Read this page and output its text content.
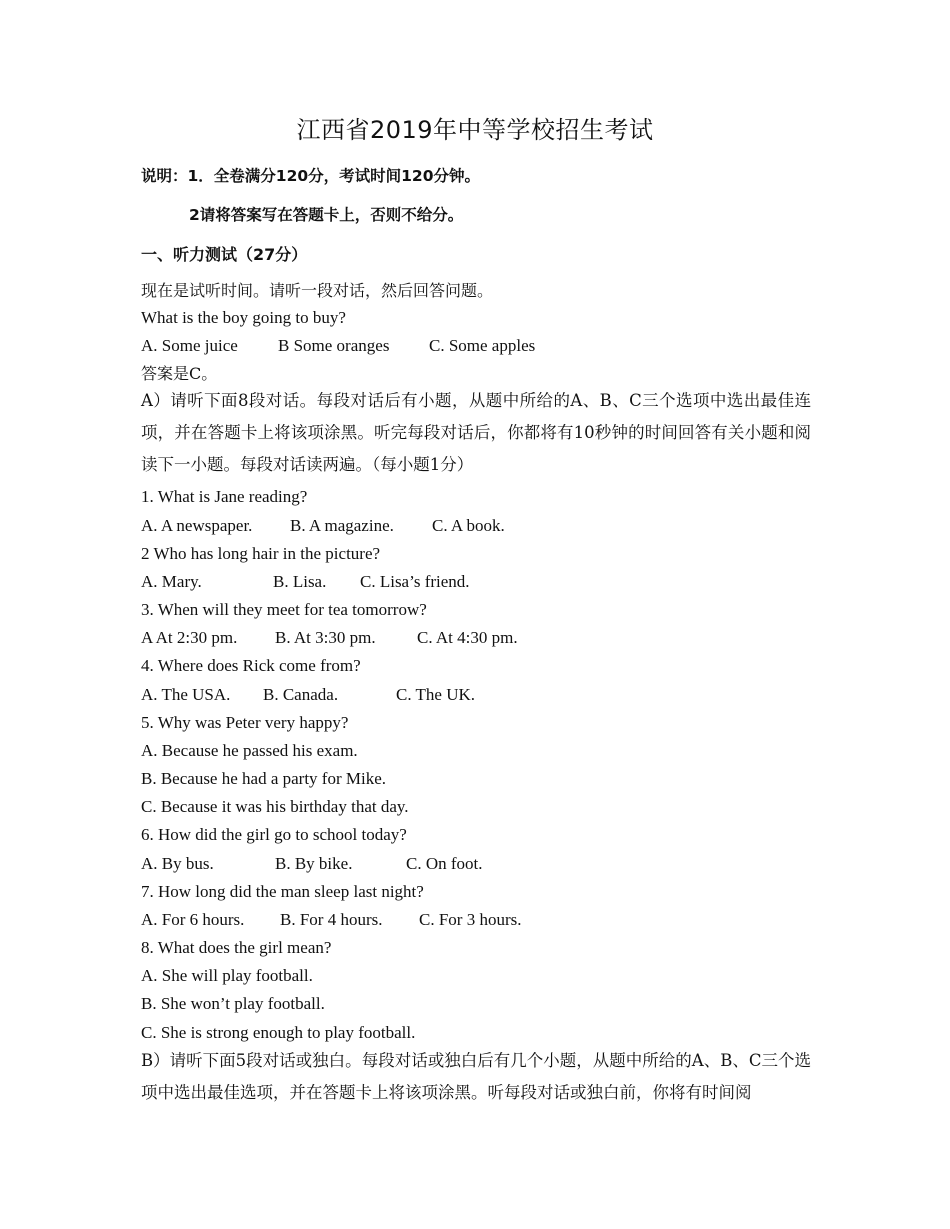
江西省2019年中等学校招生考试
说明：1．全卷满分120分，考试时间120分钟。
2请将答案写在答题卡上，否则不给分。
一、听力测试（27分）
现在是试听时间。请听一段对话，然后回答问题。
What is the boy going to buy?
A. Some juice B Some oranges C. Some apples
答案是C。
A）请听下面8段对话。每段对话后有小题，从题中所给的A、B、C三个选项中选出最佳连项，并在答题卡上将该项涂黑。听完每段对话后，你都将有10秒钟的时间回答有关小题和阅读下一小题。每段对话读两遍。（每小题1分）
1. What is Jane reading?
A. A newspaper. B. A magazine. C. A book.
2 Who has long hair in the picture?
A. Mary.	B. Lisa. C. Lisa’s friend.
3. When will they meet for tea tomorrow?
A At 2:30 pm. B. At 3:30 pm. C. At 4:30 pm.
4. Where does Rick come from?
A. The USA. B. Canada.	C. The UK.
5. Why was Peter very happy?
A. Because he passed his exam.
B. Because he had a party for Mike.
C. Because it was his birthday that day.
6. How did the girl go to school today?
A. By bus.	B. By bike.	C. On foot.
7. How long did the man sleep last night?
A. For 6 hours. B. For 4 hours. C. For 3 hours.
8. What does the girl mean?
A. She will play football.
B. She won’t play football.
C. She is strong enough to play football.
B）请听下面5段对话或独白。每段对话或独白后有几个小题，从题中所给的A、B、C三个选项中选出最佳选项，并在答题卡上将该项涂黑。听每段对话或独白前，你将有时间阅
